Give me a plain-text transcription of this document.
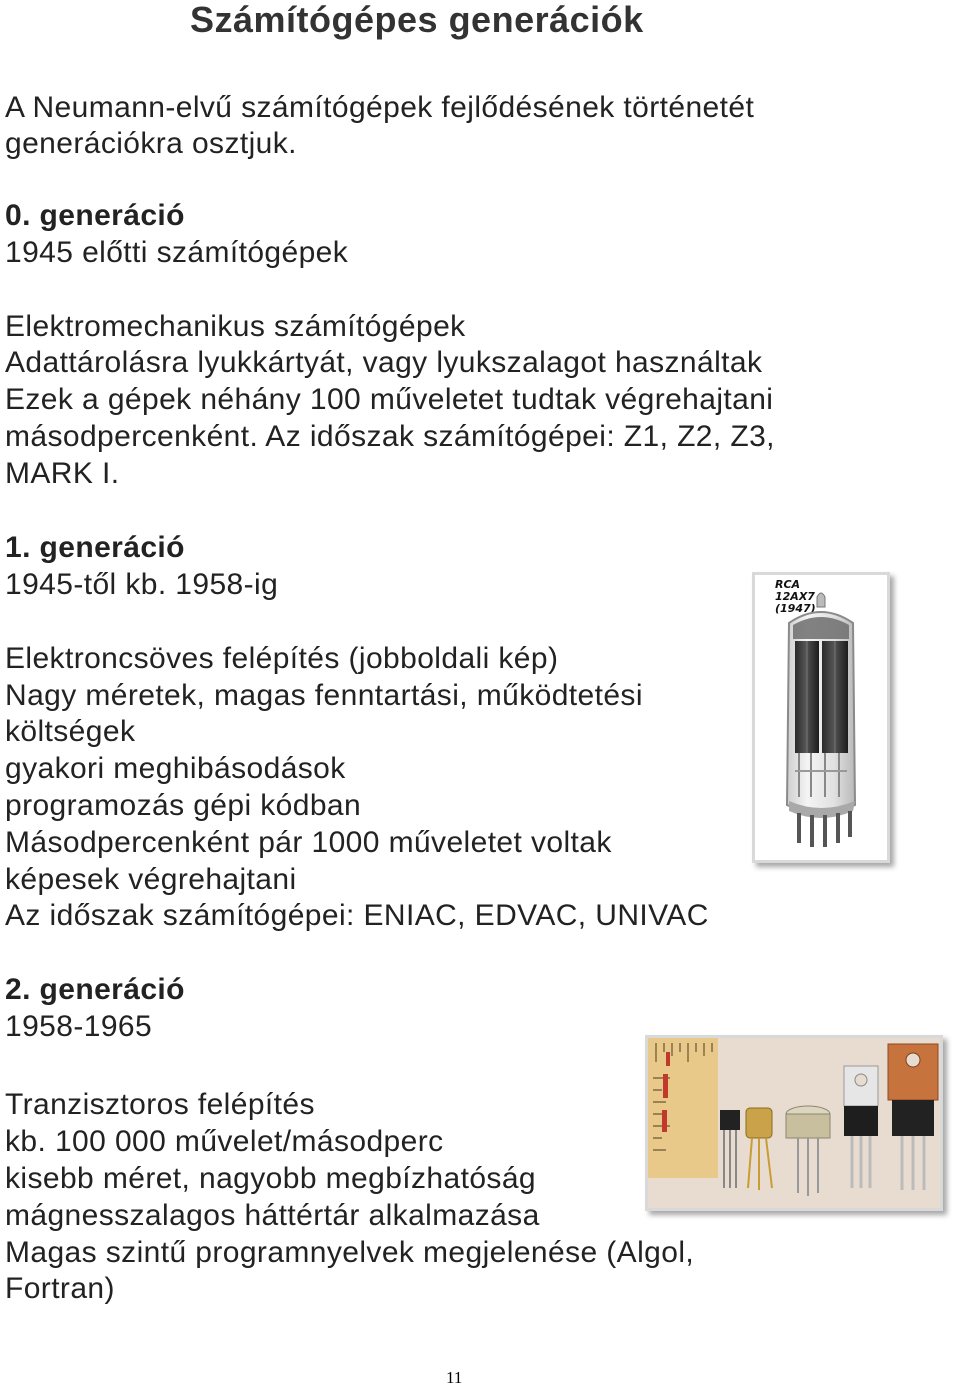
Számítógépes generációk
A Neumann-elvű számítógépek fejlődésének történetét
generációkra osztjuk.
0. generáció
1945 előtti számítógépek
Elektromechanikus számítógépek
Adattárolásra lyukkártyát, vagy lyukszalagot használtak
Ezek a gépek néhány 100 műveletet tudtak végrehajtani
másodpercenként. Az időszak számítógépei: Z1, Z2, Z3,
MARK I.
1. generáció
1945-től kb. 1958-ig
Elektroncsöves felépítés (jobboldali kép)
Nagy méretek, magas fenntartási, működtetési
költségek
gyakori meghibásodások
programozás gépi kódban
Másodpercenként pár 1000 műveletet voltak
képesek végrehajtani
Az időszak számítógépei: ENIAC, EDVAC, UNIVAC
2. generáció
1958-1965
Tranzisztoros felépítés
kb. 100 000 művelet/másodperc
kisebb méret, nagyobb megbízhatóság
mágnesszalagos háttértár alkalmazása
Magas szintű programnyelvek megjelenése (Algol,
Fortran)
RCA
12AX7
(1947)
11
